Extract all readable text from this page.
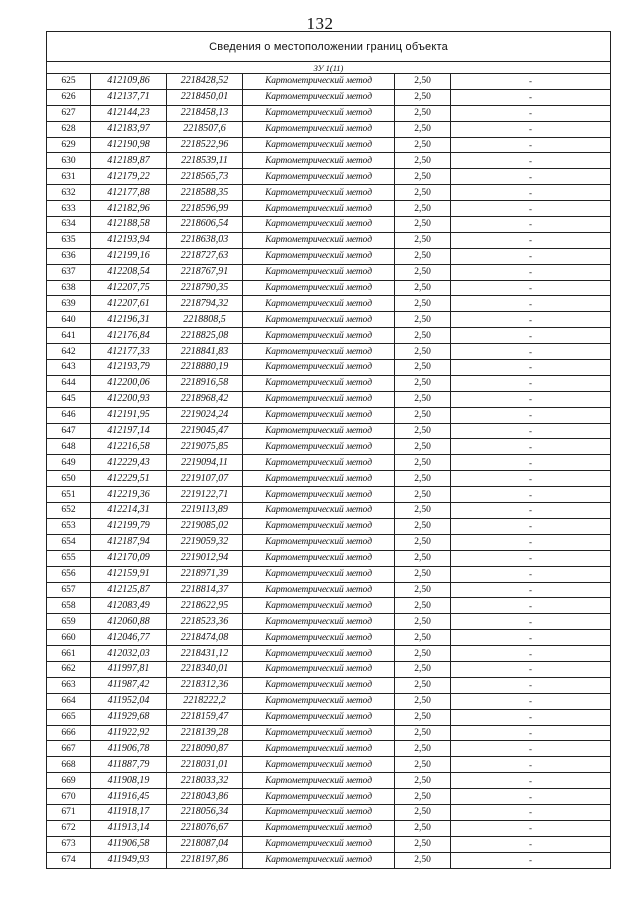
132
Сведения о местоположении границ объекта					
ЗУ 1(11)					
625	412109,86	2218428,52	Картометрический метод	2,50	-
626	412137,71	2218450,01	Картометрический метод	2,50	-
627	412144,23	2218458,13	Картометрический метод	2,50	-
628	412183,97	2218507,6	Картометрический метод	2,50	-
629	412190,98	2218522,96	Картометрический метод	2,50	-
630	412189,87	2218539,11	Картометрический метод	2,50	-
631	412179,22	2218565,73	Картометрический метод	2,50	-
632	412177,88	2218588,35	Картометрический метод	2,50	-
633	412182,96	2218596,99	Картометрический метод	2,50	-
634	412188,58	2218606,54	Картометрический метод	2,50	-
635	412193,94	2218638,03	Картометрический метод	2,50	-
636	412199,16	2218727,63	Картометрический метод	2,50	-
637	412208,54	2218767,91	Картометрический метод	2,50	-
638	412207,75	2218790,35	Картометрический метод	2,50	-
639	412207,61	2218794,32	Картометрический метод	2,50	-
640	412196,31	2218808,5	Картометрический метод	2,50	-
641	412176,84	2218825,08	Картометрический метод	2,50	-
642	412177,33	2218841,83	Картометрический метод	2,50	-
643	412193,79	2218880,19	Картометрический метод	2,50	-
644	412200,06	2218916,58	Картометрический метод	2,50	-
645	412200,93	2218968,42	Картометрический метод	2,50	-
646	412191,95	2219024,24	Картометрический метод	2,50	-
647	412197,14	2219045,47	Картометрический метод	2,50	-
648	412216,58	2219075,85	Картометрический метод	2,50	-
649	412229,43	2219094,11	Картометрический метод	2,50	-
650	412229,51	2219107,07	Картометрический метод	2,50	-
651	412219,36	2219122,71	Картометрический метод	2,50	-
652	412214,31	2219113,89	Картометрический метод	2,50	-
653	412199,79	2219085,02	Картометрический метод	2,50	-
654	412187,94	2219059,32	Картометрический метод	2,50	-
655	412170,09	2219012,94	Картометрический метод	2,50	-
656	412159,91	2218971,39	Картометрический метод	2,50	-
657	412125,87	2218814,37	Картометрический метод	2,50	-
658	412083,49	2218622,95	Картометрический метод	2,50	-
659	412060,88	2218523,36	Картометрический метод	2,50	-
660	412046,77	2218474,08	Картометрический метод	2,50	-
661	412032,03	2218431,12	Картометрический метод	2,50	-
662	411997,81	2218340,01	Картометрический метод	2,50	-
663	411987,42	2218312,36	Картометрический метод	2,50	-
664	411952,04	2218222,2	Картометрический метод	2,50	-
665	411929,68	2218159,47	Картометрический метод	2,50	-
666	411922,92	2218139,28	Картометрический метод	2,50	-
667	411906,78	2218090,87	Картометрический метод	2,50	-
668	411887,79	2218031,01	Картометрический метод	2,50	-
669	411908,19	2218033,32	Картометрический метод	2,50	-
670	411916,45	2218043,86	Картометрический метод	2,50	-
671	411918,17	2218056,34	Картометрический метод	2,50	-
672	411913,14	2218076,67	Картометрический метод	2,50	-
673	411906,58	2218087,04	Картометрический метод	2,50	-
674	411949,93	2218197,86	Картометрический метод	2,50	-
